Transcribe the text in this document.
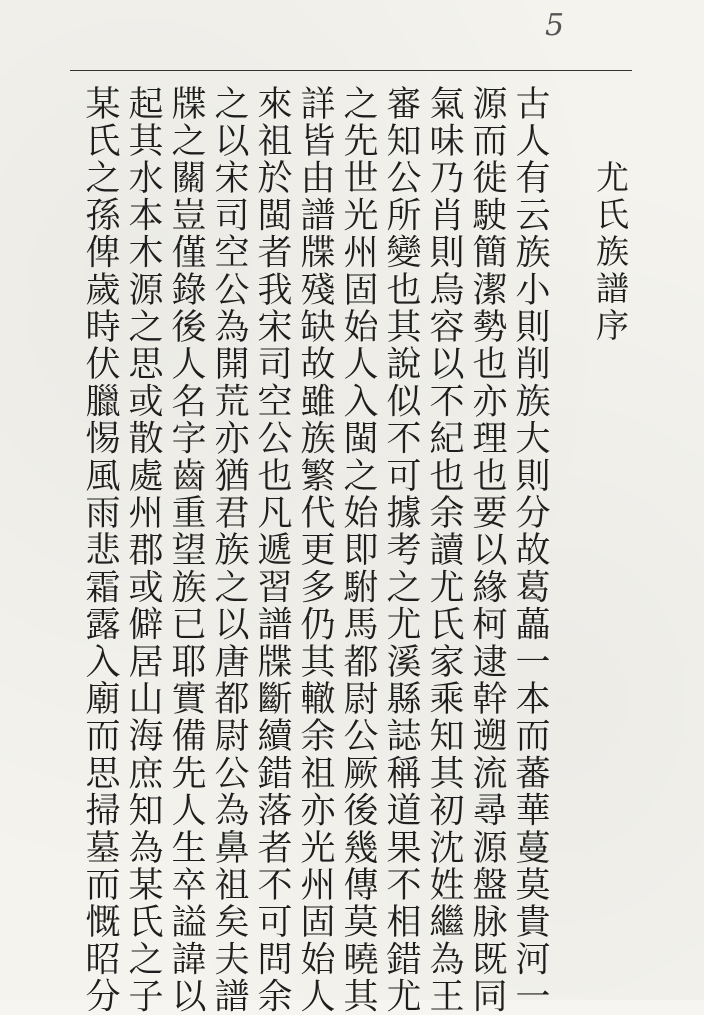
5
尤氏族譜序
古人有云族小則削族大則分故葛藟一本而蕃華蔓莫貴河一
源而徙駛簡潔勢也亦理也要以緣柯逮幹遡流尋源盤脉既同
氣味乃肖則烏容以不紀也余讀尤氏家乘知其初沈姓繼為王
審知公所變也其說似不可據考之尤溪縣誌稱道果不相錯尤
之先世光州固始人入閩之始即駙馬都尉公厥後幾傳莫曉其
詳皆由譜牒殘缺故雖族繁代更多仍其轍余祖亦光州固始人
來祖於閩者我宋司空公也凡遞習譜牒斷續錯落者不可問余
之以宋司空公為開荒亦猶君族之以唐都尉公為鼻祖矣夫譜
牒之關豈僅錄後人名字齒重望族已耶實備先人生卒謚諱以
起其水本木源之思或散處州郡或僻居山海庶知為某氏之子
某氏之孫俾歲時伏臘惕風雨悲霜露入廟而思掃墓而慨昭分
